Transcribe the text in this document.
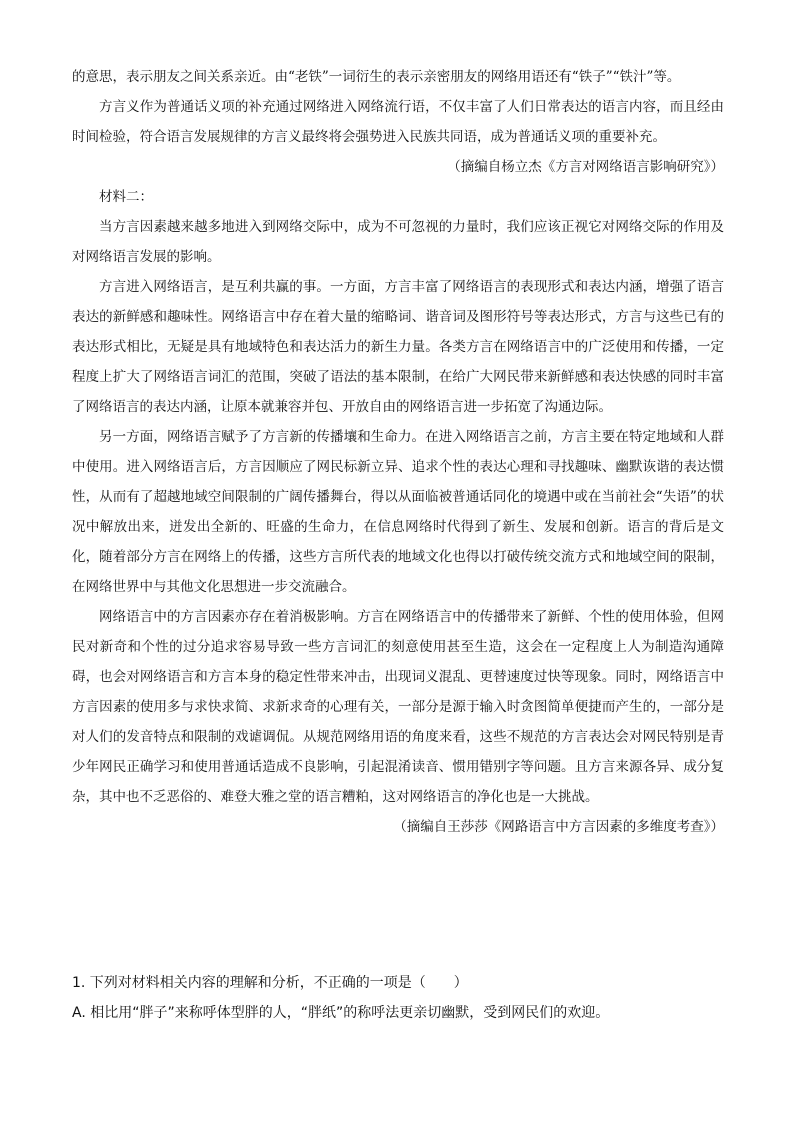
的意思，表示朋友之间关系亲近。由“老铁”一词衍生的表示亲密朋友的网络用语还有“铁子”“铁汁”等。

方言义作为普通话义项的补充通过网络进入网络流行语，不仅丰富了人们日常表达的语言内容，而且经由时间检验，符合语言发展规律的方言义最终将会强势进入民族共同语，成为普通话义项的重要补充。

（摘编自杨立杰《方言对网络语言影响研究》）

材料二：

当方言因素越来越多地进入到网络交际中，成为不可忽视的力量时，我们应该正视它对网络交际的作用及对网络语言发展的影响。

方言进入网络语言，是互利共赢的事。一方面，方言丰富了网络语言的表现形式和表达内涵，增强了语言表达的新鲜感和趣味性。网络语言中存在着大量的缩略词、谐音词及图形符号等表达形式，方言与这些已有的表达形式相比，无疑是具有地域特色和表达活力的新生力量。各类方言在网络语言中的广泛使用和传播，一定程度上扩大了网络语言词汇的范围，突破了语法的基本限制，在给广大网民带来新鲜感和表达快感的同时丰富了网络语言的表达内涵，让原本就兼容并包、开放自由的网络语言进一步拓宽了沟通边际。

另一方面，网络语言赋予了方言新的传播壤和生命力。在进入网络语言之前，方言主要在特定地域和人群中使用。进入网络语言后，方言因顺应了网民标新立异、追求个性的表达心理和寻找趣味、幽默诙谐的表达惯性，从而有了超越地域空间限制的广阔传播舞台，得以从面临被普通话同化的境遇中或在当前社会“失语”的状况中解放出来，迸发出全新的、旺盛的生命力，在信息网络时代得到了新生、发展和创新。语言的背后是文化，随着部分方言在网络上的传播，这些方言所代表的地域文化也得以打破传统交流方式和地域空间的限制，在网络世界中与其他文化思想进一步交流融合。

网络语言中的方言因素亦存在着消极影响。方言在网络语言中的传播带来了新鲜、个性的使用体验，但网民对新奇和个性的过分追求容易导致一些方言词汇的刻意使用甚至生造，这会在一定程度上人为制造沟通障碍，也会对网络语言和方言本身的稳定性带来冲击，出现词义混乱、更替速度过快等现象。同时，网络语言中方言因素的使用多与求快求简、求新求奇的心理有关，一部分是源于输入时贪图简单便捷而产生的，一部分是对人们的发音特点和限制的戏谑调侃。从规范网络用语的角度来看，这些不规范的方言表达会对网民特别是青少年网民正确学习和使用普通话造成不良影响，引起混淆读音、惯用错别字等问题。且方言来源各异、成分复杂，其中也不乏恶俗的、难登大雅之堂的语言糟粕，这对网络语言的净化也是一大挑战。

（摘编自王莎莎《网路语言中方言因素的多维度考查》）

1. 下列对材料相关内容的理解和分析，不正确的一项是（　　）

A. 相比用“胖子”来称呼体型胖的人，“胖纸”的称呼法更亲切幽默，受到网民们的欢迎。
